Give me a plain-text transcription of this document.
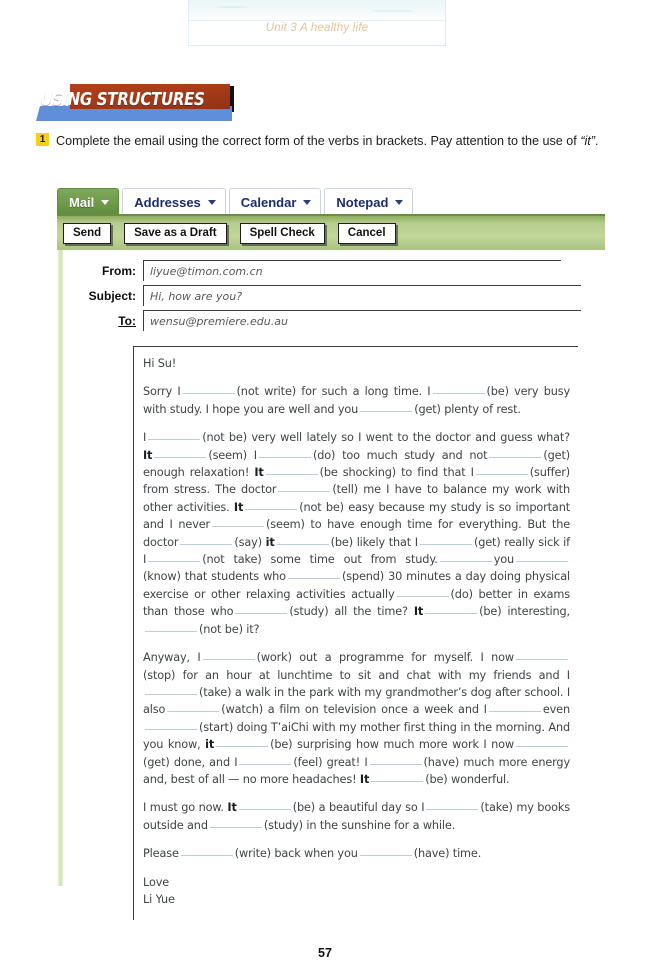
Unit 3 A healthy life
USING STRUCTURES
1 Complete the email using the correct form of the verbs in brackets. Pay attention to the use of “it”.
Mail	Addresses	Calendar	Notepad
Send	Save as a Draft	Spell Check	Cancel
From:	liyue@timon.com.cn
Subject:	Hi, how are you?
To:	wensu@premiere.edu.au

Hi Su!

Sorry I	(not write) for such a long time. I	(be) very busy with study. I hope you are well and you	(get) plenty of rest.

I	(not be) very well lately so I went to the doctor and guess what? It	(seem) I	(do) too much study and not	(get) enough relaxation! It	(be shocking) to find that I	(suffer) from stress. The doctor	(tell) me I have to balance my work with other activities. It	(not be) easy because my study is so important and I never	(seem) to have enough time for everything. But the doctor	(say) it	(be) likely that I	(get) really sick if I	(not take) some time out from study.	you(know) that students who	(spend) 30 minutes a day doing physical exercise or other relaxing activities actually	(do) better in exams than those who	(study) all the time? It	(be) interesting,(not be) it?

Anyway, I	(work) out a programme for myself. I now(stop) for an hour at lunchtime to sit and chat with my friends and I(take) a walk in the park with my grandmother’s dog after school. I also	(watch) a film on television once a week and I	even(start) doing T’aiChi with my mother first thing in the morning. And you know, it	(be) surprising how much more work I now(get) done, and I	(feel) great! I	(have) much more energy and, best of all — no more headaches! It	(be) wonderful.

I must go now. It	(be) a beautiful day so I	(take) my books outside and	(study) in the sunshine for a while.

Please	(write) back when you	(have) time.

Love
Li Yue

57
